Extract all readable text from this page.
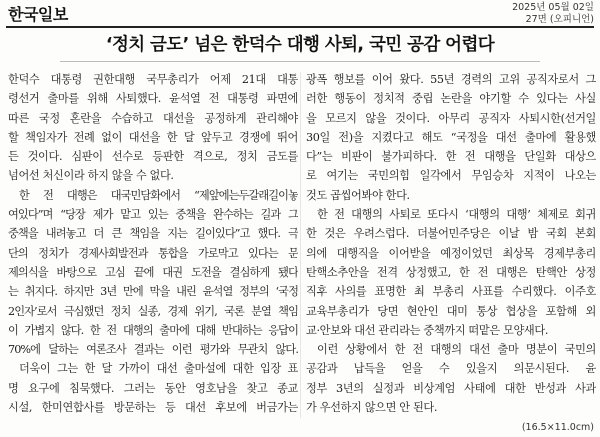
한국일보	2025년 05월 02일
27면 (오피니언)
‘정치 금도’ 넘은 한덕수 대행 사퇴, 국민 공감 어렵다
한덕수 대통령 권한대행 국무총리가 어제 21대 대통
령선거 출마를 위해 사퇴했다. 윤석열 전 대통령 파면에
따른 국정 혼란을 수습하고 대선을 공정하게 관리해야
할 책임자가 전례 없이 대선을 한 달 앞두고 경쟁에 뛰어
든 것이다. 심판이 선수로 등판한 격으로, 정치 금도를
넘어선 처신이라 하지 않을 수 없다.
한 전 대행은 대국민담화에서 “제앞에는두갈래길이놓
여있다”며 “당장 제가 맡고 있는 중책을 완수하는 길과 그
중책을 내려놓고 더 큰 책임을 지는 길이있다”고 했다. 극
단의 정치가 경제사회발전과 통합을 가로막고 있다는 문
제의식을 바탕으로 고심 끝에 대권 도전을 결심하게 됐다
는 취지다. 하지만 3년 만에 막을 내린 윤석열 정부의 ‘국정
2인자’로서 극심했던 정치 실종, 경제 위기, 국론 분열 책임
이 가볍지 않다. 한 전 대행의 출마에 대해 반대하는 응답이
70%에 달하는 여론조사 결과는 이런 평가와 무관치 않다.
더욱이 그는 한 달 가까이 대선 출마설에 대한 입장 표
명 요구에 침묵했다. 그러는 동안 영호남을 찾고 종교
시설, 한미연합사를 방문하는 등 대선 후보에 버금가는
광폭 행보를 이어 왔다. 55년 경력의 고위 공직자로서 그
러한 행동이 정치적 중립 논란을 야기할 수 있다는 사실
을 모르지 않을 것이다. 아무리 공직자 사퇴시한(선거일
30일 전)을 지켰다고 해도 “국정을 대선 출마에 활용했
다”는 비판이 불가피하다. 한 전 대행을 단일화 대상으
로 여기는 국민의힘 일각에서 무임승차 지적이 나오는
것도 곱씹어봐야 한다.
한 전 대행의 사퇴로 또다시 ‘대행의 대행’ 체제로 회귀
한 것은 우려스럽다. 더불어민주당은 이날 밤 국회 본회
의에 대행직을 이어받을 예정이었던 최상목 경제부총리
탄핵소추안을 전격 상정했고, 한 전 대행은 탄핵안 상정
직후 사의를 표명한 최 부총리 사표를 수리했다. 이주호
교육부총리가 당면 현안인 대미 통상 협상을 포함해 외
교·안보와 대선 관리라는 중책까지 떠맡은 모양새다.
이런 상황에서 한 전 대행의 대선 출마 명분이 국민의
공감과 납득을 얻을 수 있을지 의문시된다. 윤
정부 3년의 실정과 비상계엄 사태에 대한 반성과 사과
가 우선하지 않으면 안 된다.
(16.5×11.0cm)
